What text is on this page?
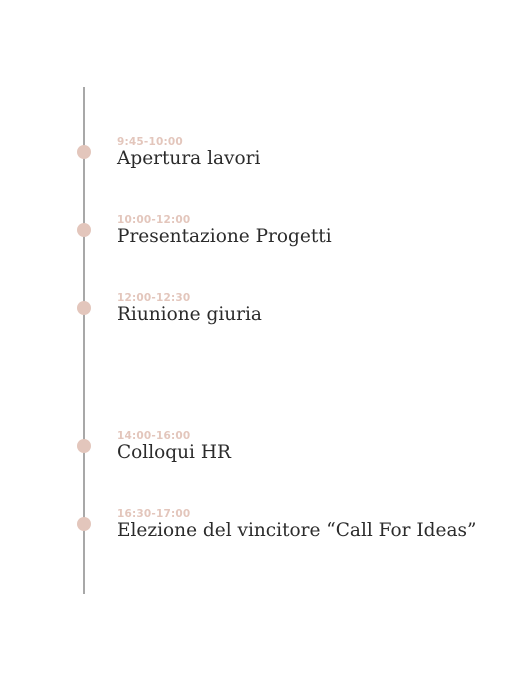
9:45-10:00
Apertura lavori
10:00-12:00
Presentazione Progetti
12:00-12:30
Riunione giuria
14:00-16:00
Colloqui HR
16:30-17:00
Elezione del vincitore “Call For Ideas”
